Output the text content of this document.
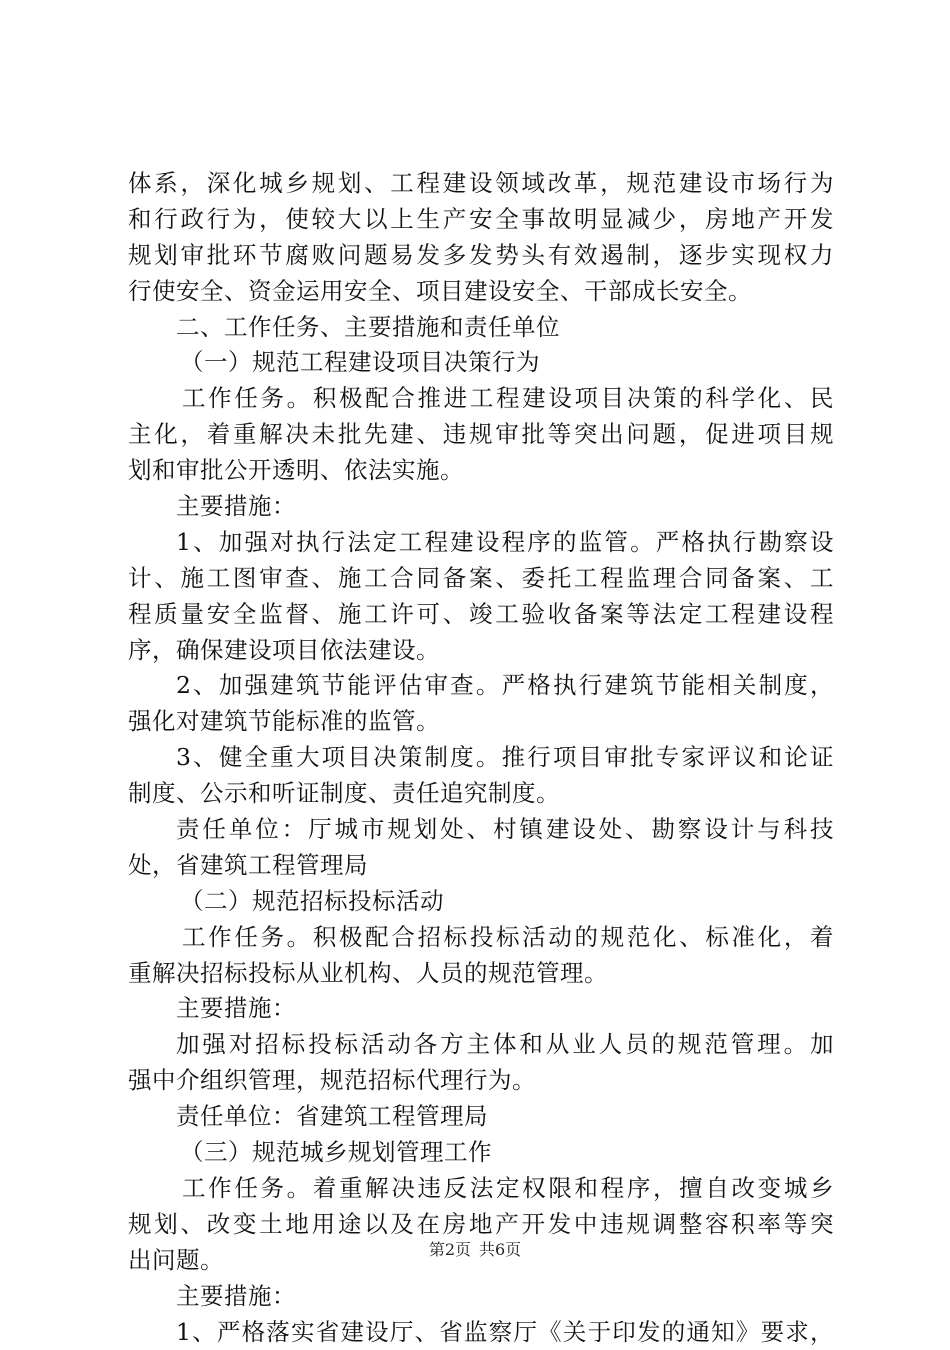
体系，深化城乡规划、工程建设领域改革，规范建设市场行为
和行政行为，使较大以上生产安全事故明显减少，房地产开发
规划审批环节腐败问题易发多发势头有效遏制，逐步实现权力
行使安全、资金运用安全、项目建设安全、干部成长安全。
二、工作任务、主要措施和责任单位
（一）规范工程建设项目决策行为
工作任务。积极配合推进工程建设项目决策的科学化、民
主化，着重解决未批先建、违规审批等突出问题，促进项目规
划和审批公开透明、依法实施。
主要措施：
1、加强对执行法定工程建设程序的监管。严格执行勘察设
计、施工图审查、施工合同备案、委托工程监理合同备案、工
程质量安全监督、施工许可、竣工验收备案等法定工程建设程
序，确保建设项目依法建设。
2、加强建筑节能评估审查。严格执行建筑节能相关制度，
强化对建筑节能标准的监管。
3、健全重大项目决策制度。推行项目审批专家评议和论证
制度、公示和听证制度、责任追究制度。
责任单位：厅城市规划处、村镇建设处、勘察设计与科技
处，省建筑工程管理局
（二）规范招标投标活动
工作任务。积极配合招标投标活动的规范化、标准化，着
重解决招标投标从业机构、人员的规范管理。
主要措施：
加强对招标投标活动各方主体和从业人员的规范管理。加
强中介组织管理，规范招标代理行为。
责任单位：省建筑工程管理局
（三）规范城乡规划管理工作
工作任务。着重解决违反法定权限和程序，擅自改变城乡
规划、改变土地用途以及在房地产开发中违规调整容积率等突
出问题。
主要措施：
1、严格落实省建设厅、省监察厅《关于印发的通知》要求，
第2页 共6页
